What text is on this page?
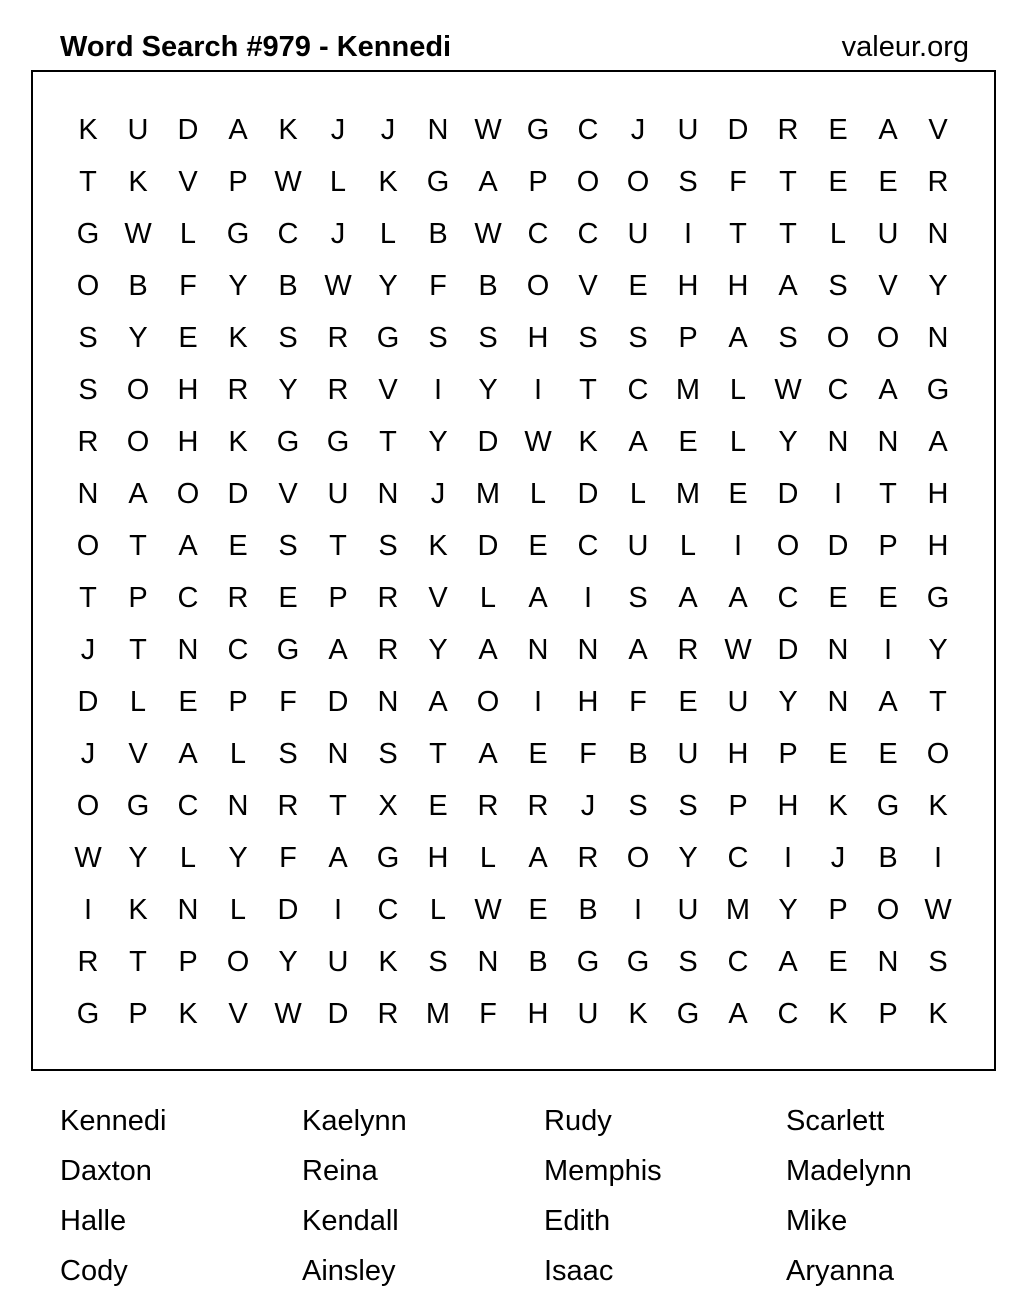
Word Search #979 - Kennedi	valeur.org
K	U	D	A	K	J	J	N W G C	J	U	D	R	E	A	V
T	K	V	P W L	K	G	A	P	O O	S	F	T	E	E	R
G W L	G C	J	L	B W C	C	U	I	T	T	L	U	N
O	B	F	Y	B W Y	F	B	O	V	E	H	H	A	S	V	Y
S	Y	E	K	S	R G	S	S	H	S	S	P	A	S	O O N
S	O H	R	Y	R	V	I	Y	I	T	C M	L W C	A	G
R O H	K	G G	T	Y	D W K	A	E	L	Y	N	N	A
N	A	O D	V	U	N	J	M	L	D	L	M E	D	I	T	H
O	T	A	E	S	T	S	K	D	E	C	U	L	I	O D	P	H
T	P	C	R	E	P	R	V	L	A	I	S	A	A	C	E	E	G
J	T	N	C G	A	R	Y	A	N	N	A	R W D	N	I	Y
D	L	E	P	F	D	N	A	O	I	H	F	E	U	Y	N	A	T
J	V	A	L	S	N	S	T	A	E	F	B	U	H	P	E	E	O
O G C	N	R	T	X	E	R	R	J	S	S	P	H	K	G	K
W Y	L	Y	F	A	G H	L	A	R O	Y	C	I	J	B	I
I	K	N	L	D	I	C	L W E	B	I	U M Y	P	O W
R	T	P	O	Y	U	K	S	N	B	G G	S	C	A	E	N	S
G	P	K	V W D	R M	F	H	U	K	G	A	C	K	P	K
Kennedi
Daxton
Halle
Cody
Kaelynn
Reina
Kendall
Ainsley
Rudy
Memphis
Edith
Isaac
Scarlett
Madelynn
Mike
Aryanna
